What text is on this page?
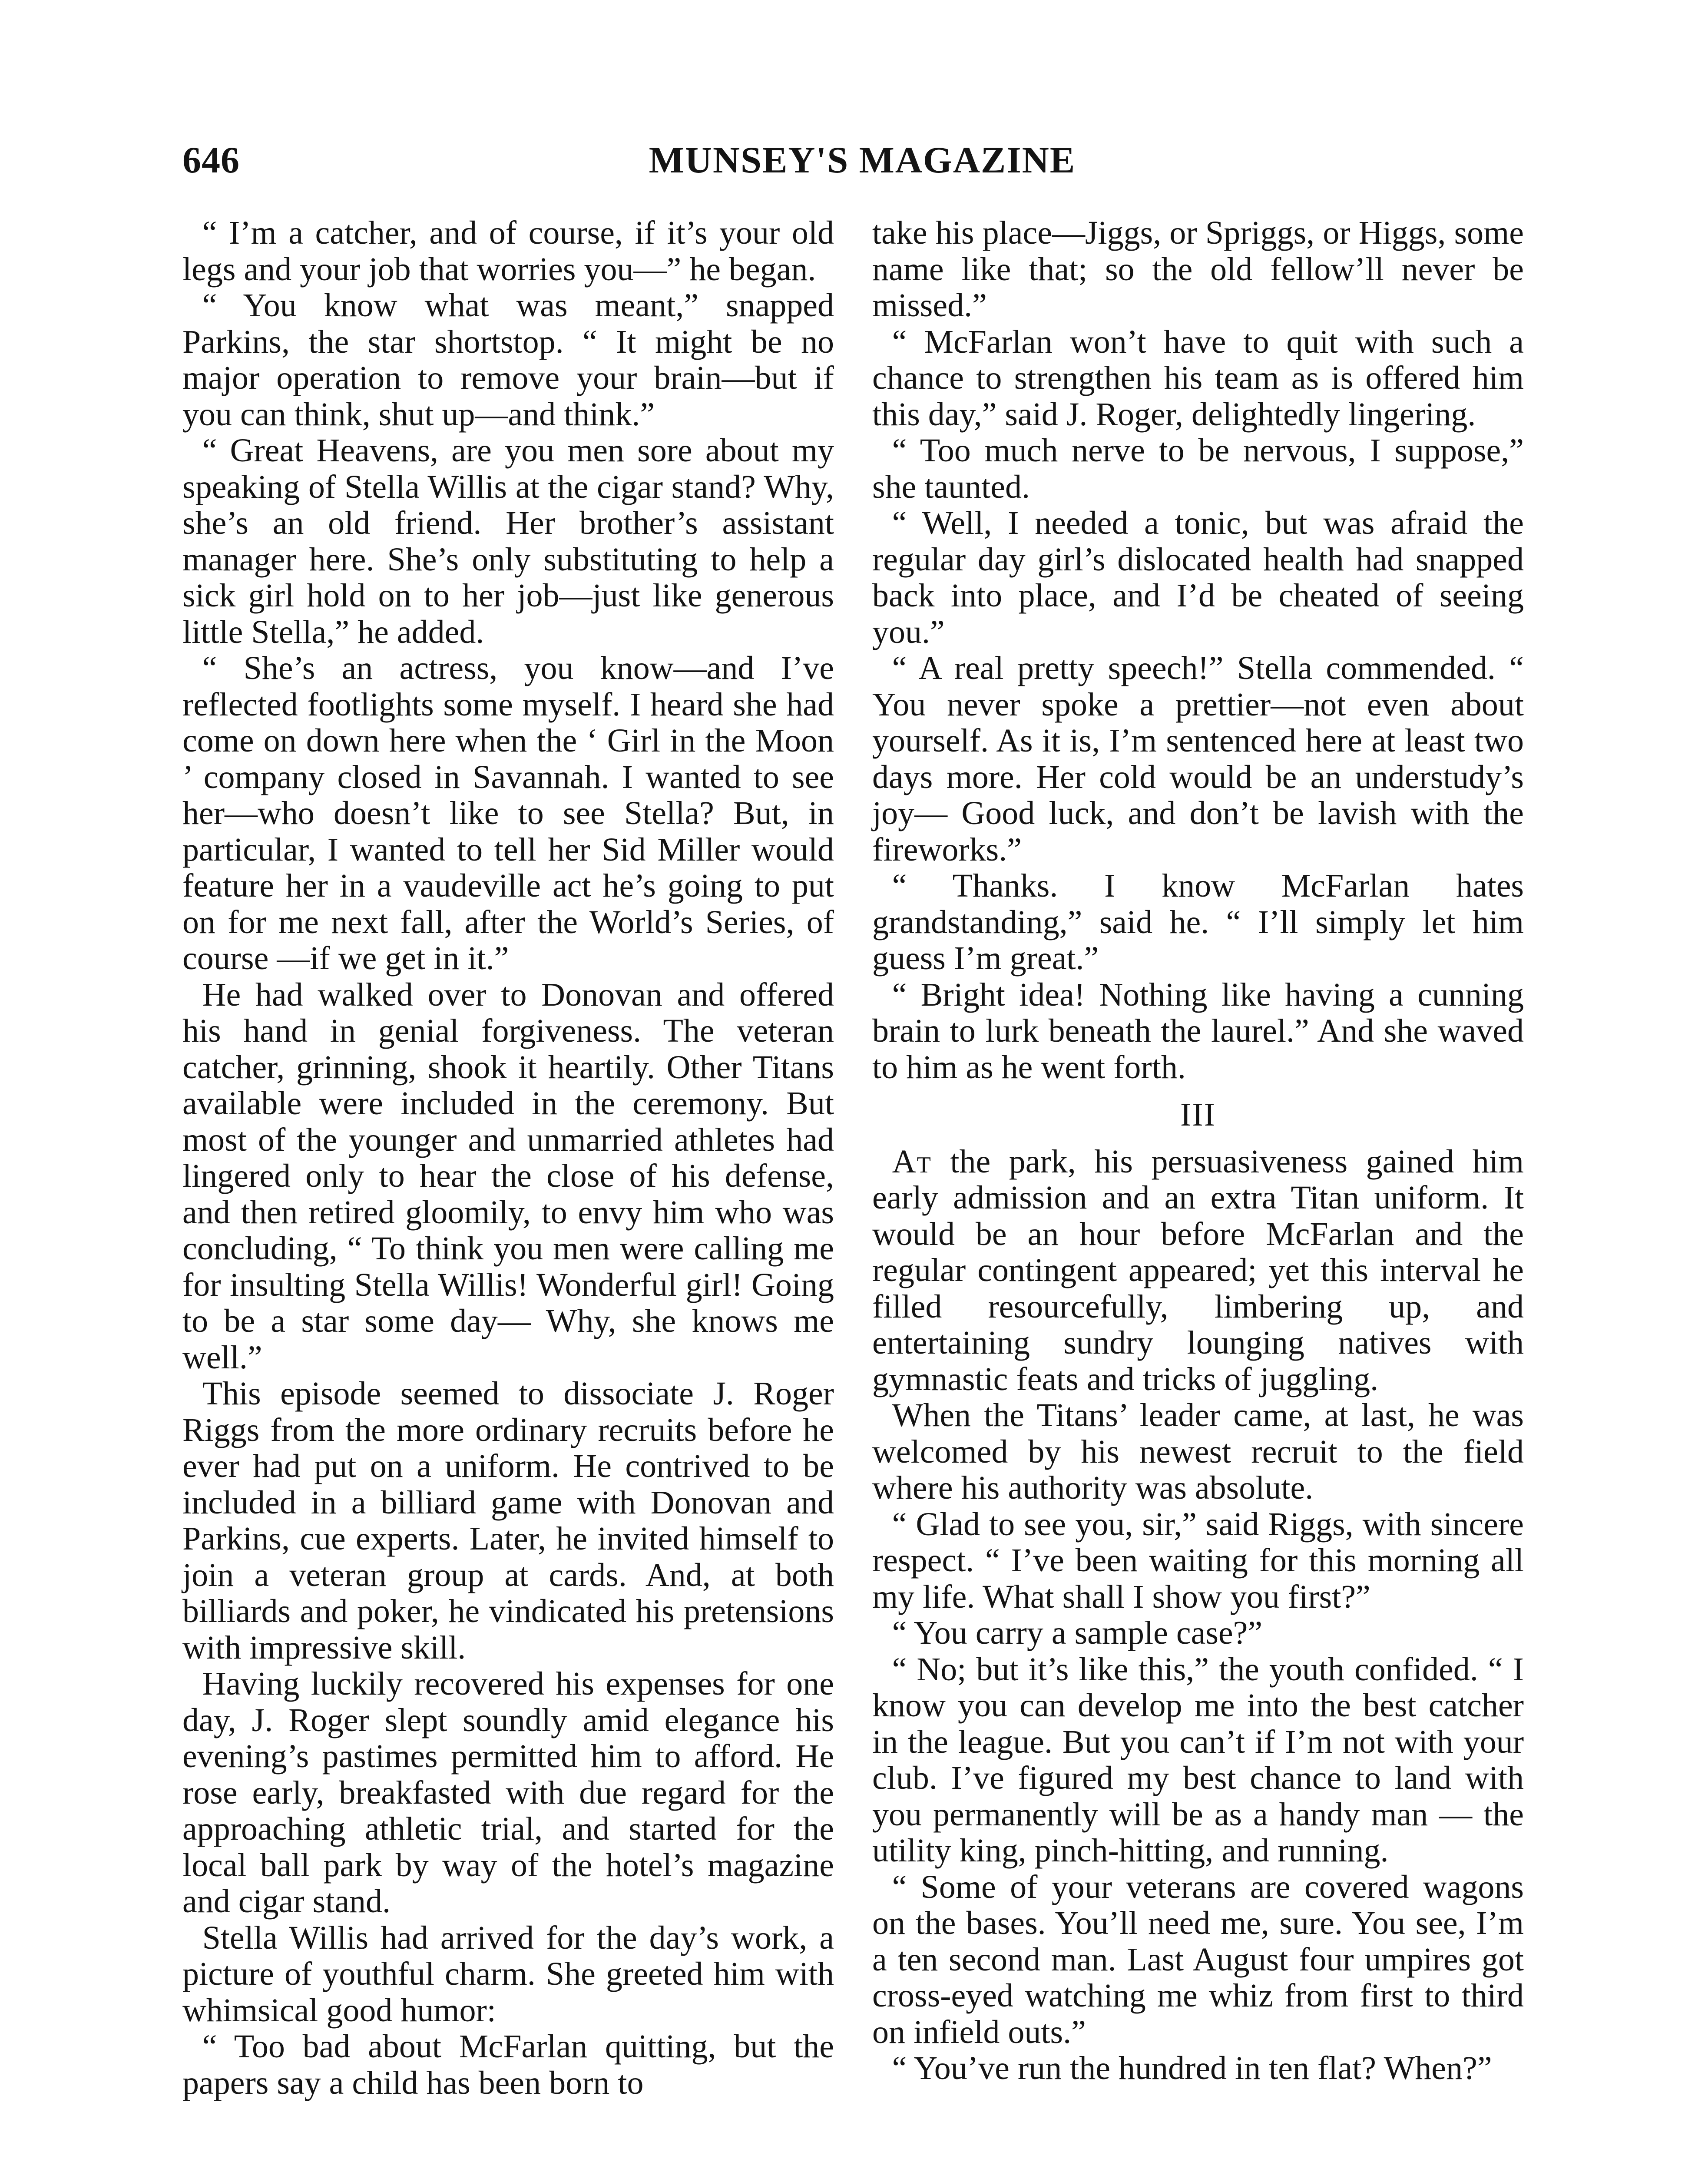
646	MUNSEY'S MAGAZINE

“ I’m a catcher, and of course, if it’s your old legs and your job that worries you—” he began.

“ You know what was meant,” snapped Parkins, the star shortstop. “ It might be no major operation to remove your brain—but if you can think, shut up—and think.”

“ Great Heavens, are you men sore about my speaking of Stella Willis at the cigar stand? Why, she’s an old friend. Her brother’s assistant manager here. She’s only substituting to help a sick girl hold on to her job—just like generous little Stella,” he added.

“ She’s an actress, you know—and I’ve reflected footlights some myself. I heard she had come on down here when the ‘ Girl in the Moon ’ company closed in Savannah. I wanted to see her—who doesn’t like to see Stella? But, in particular, I wanted to tell her Sid Miller would feature her in a vaudeville act he’s going to put on for me next fall, after the World’s Series, of course —if we get in it.”

He had walked over to Donovan and offered his hand in genial forgiveness. The veteran catcher, grinning, shook it heartily. Other Titans available were included in the ceremony. But most of the younger and unmarried athletes had lingered only to hear the close of his defense, and then retired gloomily, to envy him who was concluding, “ To think you men were calling me for insulting Stella Willis! Wonderful girl! Going to be a star some day— Why, she knows me well.”

This episode seemed to dissociate J. Roger Riggs from the more ordinary recruits before he ever had put on a uniform. He contrived to be included in a billiard game with Donovan and Parkins, cue experts. Later, he invited himself to join a veteran group at cards. And, at both billiards and poker, he vindicated his pretensions with impressive skill.

Having luckily recovered his expenses for one day, J. Roger slept soundly amid elegance his evening’s pastimes permitted him to afford. He rose early, breakfasted with due regard for the approaching athletic trial, and started for the local ball park by way of the hotel’s magazine and cigar stand.

Stella Willis had arrived for the day’s work, a picture of youthful charm. She greeted him with whimsical good humor:

“ Too bad about McFarlan quitting, but the papers say a child has been born to

take his place—Jiggs, or Spriggs, or Higgs, some name like that; so the old fellow’ll never be missed.”

“ McFarlan won’t have to quit with such a chance to strengthen his team as is offered him this day,” said J. Roger, delightedly lingering.

“ Too much nerve to be nervous, I suppose,” she taunted.

“ Well, I needed a tonic, but was afraid the regular day girl’s dislocated health had snapped back into place, and I’d be cheated of seeing you.”

“ A real pretty speech!” Stella commended. “ You never spoke a prettier—not even about yourself. As it is, I’m sentenced here at least two days more. Her cold would be an understudy’s joy— Good luck, and don’t be lavish with the fireworks.”

“ Thanks. I know McFarlan hates grandstanding,” said he. “ I’ll simply let him guess I’m great.”

“ Bright idea! Nothing like having a cunning brain to lurk beneath the laurel.” And she waved to him as he went forth.

III

At the park, his persuasiveness gained him early admission and an extra Titan uniform. It would be an hour before McFarlan and the regular contingent appeared; yet this interval he filled resourcefully, limbering up, and entertaining sundry lounging natives with gymnastic feats and tricks of juggling.

When the Titans’ leader came, at last, he was welcomed by his newest recruit to the field where his authority was absolute.

“ Glad to see you, sir,” said Riggs, with sincere respect. “ I’ve been waiting for this morning all my life. What shall I show you first?”

“ You carry a sample case?”

“ No; but it’s like this,” the youth confided. “ I know you can develop me into the best catcher in the league. But you can’t if I’m not with your club. I’ve figured my best chance to land with you permanently will be as a handy man — the utility king, pinch-hitting, and running.

“ Some of your veterans are covered wagons on the bases. You’ll need me, sure. You see, I’m a ten second man. Last August four umpires got cross-eyed watching me whiz from first to third on infield outs.”

“ You’ve run the hundred in ten flat? When?”
